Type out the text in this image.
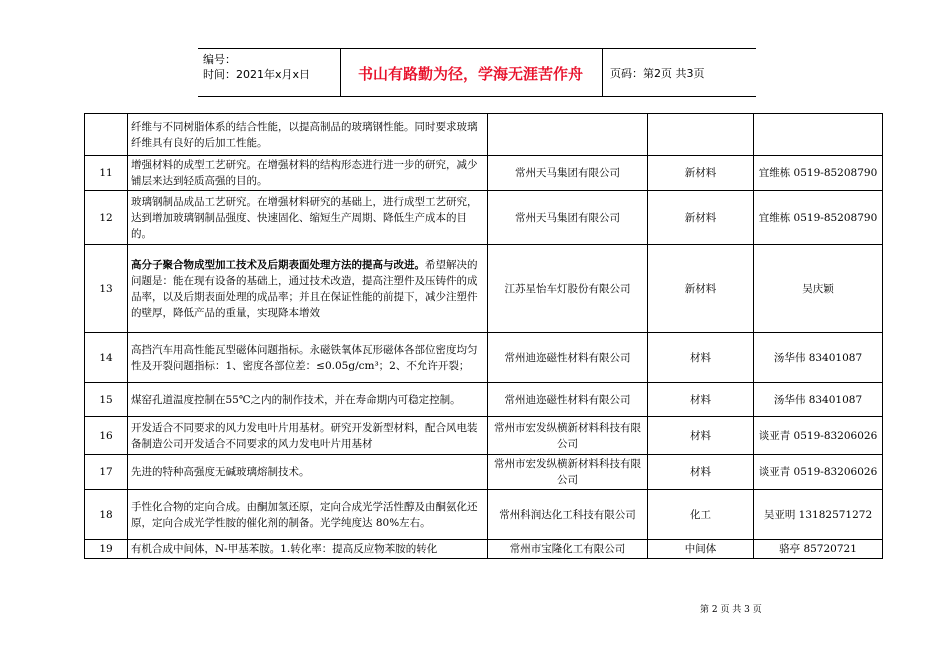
编号：
时间：2021年x月x日	书山有路勤为径，学海无涯苦作舟 页码：第2页 共3页
	纤维与不同树脂体系的结合性能，以提高制品的玻璃钢性能。同时要求玻璃纤维具有良好的后加工性能。			
11	增强材料的成型工艺研究。在增强材料的结构形态进行进一步的研究，减少铺层来达到轻质高强的目的。	常州天马集团有限公司	新材料	宜维栋 0519-85208790
12	玻璃钢制品成品工艺研究。在增强材料研究的基础上，进行成型工艺研究，达到增加玻璃钢制品强度、快速固化、缩短生产周期、降低生产成本的目的。	常州天马集团有限公司	新材料	宜维栋 0519-85208790
13	高分子聚合物成型加工技术及后期表面处理方法的提高与改进。希望解决的问题是：能在现有设备的基础上，通过技术改造，提高注塑件及压铸件的成品率，以及后期表面处理的成品率；并且在保证性能的前提下，减少注塑件的壁厚，降低产品的重量，实现降本增效	江苏星怡车灯股份有限公司	新材料	吴庆颖
14	高挡汽车用高性能瓦型磁体问题指标。永磁铁氧体瓦形磁体各部位密度均匀性及开裂问题指标：1、密度各部位差：≤0.05g/cm³；2、不允许开裂；	常州迪迩磁性材料有限公司	材料	汤华伟 83401087
15	煤窑孔道温度控制在55℃之内的制作技术，并在寿命期内可稳定控制。	常州迪迩磁性材料有限公司	材料	汤华伟 83401087
16	开发适合不同要求的风力发电叶片用基材。研究开发新型材料，配合风电装备制造公司开发适合不同要求的风力发电叶片用基材	常州市宏发纵横新材料科技有限公司	材料	谈亚青 0519-83206026
17	先进的特种高强度无碱玻璃熔制技术。	常州市宏发纵横新材料科技有限公司	材料	谈亚青 0519-83206026
18	手性化合物的定向合成。由酮加氢还原，定向合成光学活性醇及由酮氨化还原，定向合成光学性胺的催化剂的制备。光学纯度达 80%左右。	常州科润达化工科技有限公司	化工	吴亚明 13182571272
19	有机合成中间体，N-甲基苯胺。1.转化率：提高反应物苯胺的转化	常州市宝隆化工有限公司	中间体	骆亭 85720721
第 2 页 共 3 页
